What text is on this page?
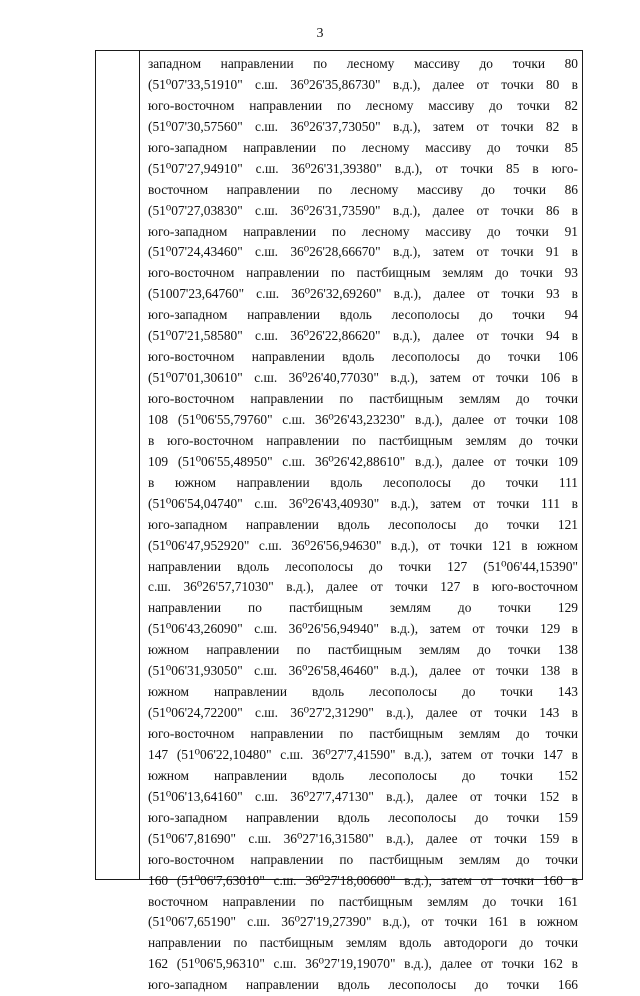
3
западном направлении по лесному массиву до точки 80
(51⁰07'33,51910" с.ш. 36⁰26'35,86730" в.д.), далее от точки 80 в
юго-восточном направлении по лесному массиву до точки 82
(51⁰07'30,57560" с.ш. 36⁰26'37,73050" в.д.), затем от точки 82 в
юго-западном направлении по лесному массиву до точки 85
(51⁰07'27,94910" с.ш. 36⁰26'31,39380" в.д.), от точки 85 в юго-
восточном направлении по лесному массиву до точки 86
(51⁰07'27,03830" с.ш. 36⁰26'31,73590" в.д.), далее от точки 86 в
юго-западном направлении по лесному массиву до точки 91
(51⁰07'24,43460" с.ш. 36⁰26'28,66670" в.д.), затем от точки 91 в
юго-восточном направлении по пастбищным землям до точки 93
(51007'23,64760" с.ш. 36⁰26'32,69260" в.д.), далее от точки 93 в
юго-западном направлении вдоль лесополосы до точки 94
(51⁰07'21,58580" с.ш. 36⁰26'22,86620" в.д.), далее от точки 94 в
юго-восточном направлении вдоль лесополосы до точки 106
(51⁰07'01,30610" с.ш. 36⁰26'40,77030" в.д.), затем от точки 106 в
юго-восточном направлении по пастбищным землям до точки
108 (51⁰06'55,79760" с.ш. 36⁰26'43,23230" в.д.), далее от точки 108
в юго-восточном направлении по пастбищным землям до точки
109 (51⁰06'55,48950" с.ш. 36⁰26'42,88610" в.д.), далее от точки 109
в южном направлении вдоль лесополосы до точки 111
(51⁰06'54,04740" с.ш. 36⁰26'43,40930" в.д.), затем от точки 111 в
юго-западном направлении вдоль лесополосы до точки 121
(51⁰06'47,952920" с.ш. 36⁰26'56,94630" в.д.), от точки 121 в южном
направлении вдоль лесополосы до точки 127 (51⁰06'44,15390"
с.ш. 36⁰26'57,71030" в.д.), далее от точки 127 в юго-восточном
направлении по пастбищным землям до точки 129
(51⁰06'43,26090" с.ш. 36⁰26'56,94940" в.д.), затем от точки 129 в
южном направлении по пастбищным землям до точки 138
(51⁰06'31,93050" с.ш. 36⁰26'58,46460" в.д.), далее от точки 138 в
южном направлении вдоль лесополосы до точки 143
(51⁰06'24,72200" с.ш. 36⁰27'2,31290" в.д.), далее от точки 143 в
юго-восточном направлении по пастбищным землям до точки
147 (51⁰06'22,10480" с.ш. 36⁰27'7,41590" в.д.), затем от точки 147 в
южном направлении вдоль лесополосы до точки 152
(51⁰06'13,64160" с.ш. 36⁰27'7,47130" в.д.), далее от точки 152 в
юго-западном направлении вдоль лесополосы до точки 159
(51⁰06'7,81690" с.ш. 36⁰27'16,31580" в.д.), далее от точки 159 в
юго-восточном направлении по пастбищным землям до точки
160 (51⁰06'7,63010" с.ш. 36⁰27'18,00600" в.д.), затем от точки 160 в
восточном направлении по пастбищным землям до точки 161
(51⁰06'7,65190" с.ш. 36⁰27'19,27390" в.д.), от точки 161 в южном
направлении по пастбищным землям вдоль автодороги до точки
162 (51⁰06'5,96310" с.ш. 36⁰27'19,19070" в.д.), далее от точки 162 в
юго-западном направлении вдоль лесополосы до точки 166
